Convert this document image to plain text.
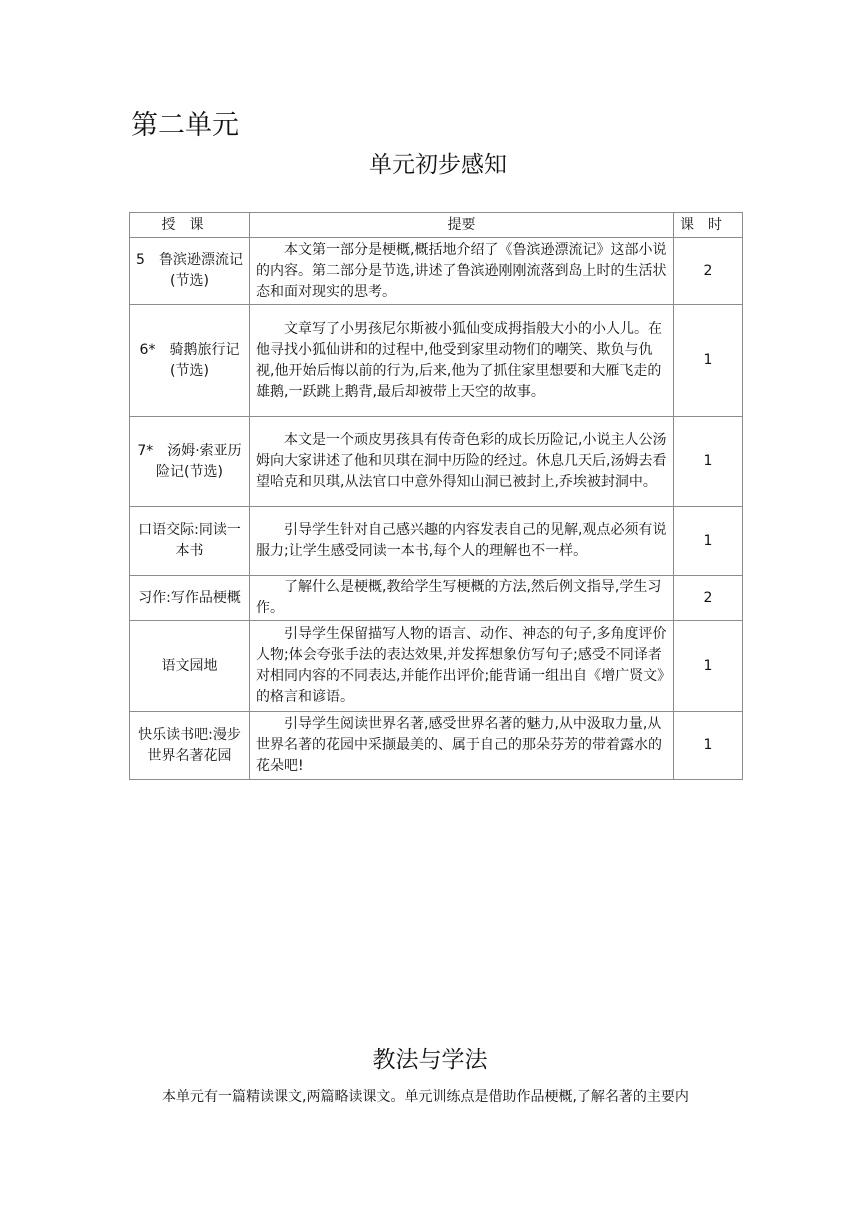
第二单元
单元初步感知
授课	提要	课时

5　鲁滨逊漂流记
(节选)	本文第一部分是梗概,概括地介绍了《鲁滨逊漂流记》这部小说的内容。第二部分是节选,讲述了鲁滨逊刚刚流落到岛上时的生活状态和面对现实的思考。	2

6*　骑鹅旅行记
(节选)	文章写了小男孩尼尔斯被小狐仙变成拇指般大小的小人儿。在他寻找小狐仙讲和的过程中,他受到家里动物们的嘲笑、欺负与仇视,他开始后悔以前的行为,后来,他为了抓住家里想要和大雁飞走的雄鹅,一跃跳上鹅背,最后却被带上天空的故事。	1

7*　汤姆·索亚历
险记(节选)	本文是一个顽皮男孩具有传奇色彩的成长历险记,小说主人公汤姆向大家讲述了他和贝琪在洞中历险的经过。休息几天后,汤姆去看望哈克和贝琪,从法官口中意外得知山洞已被封上,乔埃被封洞中。	1

口语交际:同读一
本书	引导学生针对自己感兴趣的内容发表自己的见解,观点必须有说服力;让学生感受同读一本书,每个人的理解也不一样。	1

习作:写作品梗概	了解什么是梗概,教给学生写梗概的方法,然后例文指导,学生习作。	2

语文园地	引导学生保留描写人物的语言、动作、神态的句子,多角度评价人物;体会夸张手法的表达效果,并发挥想象仿写句子;感受不同译者对相同内容的不同表达,并能作出评价;能背诵一组出自《增广贤文》的格言和谚语。	1

快乐读书吧:漫步
世界名著花园	引导学生阅读世界名著,感受世界名著的魅力,从中汲取力量,从世界名著的花园中采撷最美的、属于自己的那朵芬芳的带着露水的花朵吧!	1
教法与学法
本单元有一篇精读课文,两篇略读课文。单元训练点是借助作品梗概,了解名著的主要内
